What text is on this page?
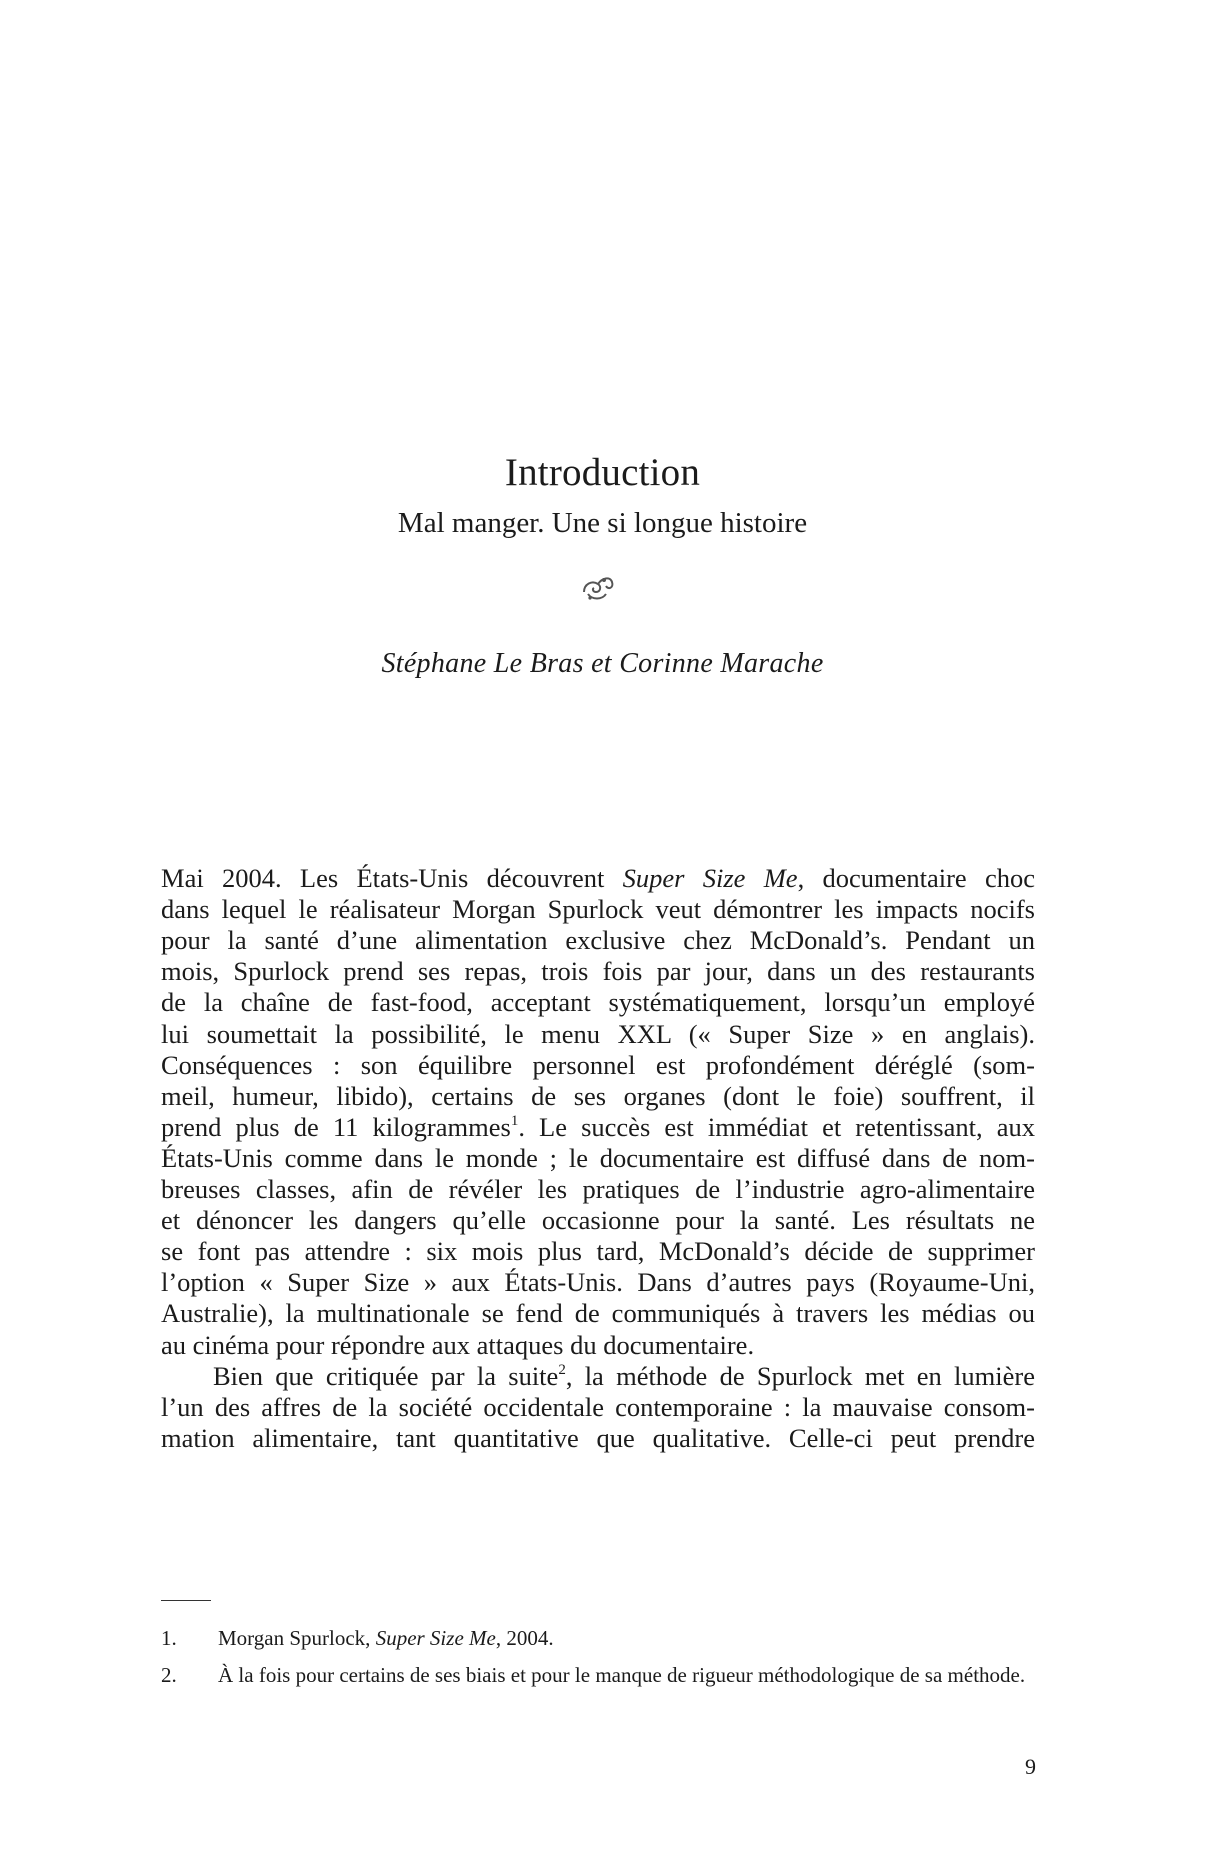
Introduction
Mal manger. Une si longue histoire
Stéphane Le Bras et Corinne Marache
Mai 2004. Les États-Unis découvrent Super Size Me, documentaire choc
dans lequel le réalisateur Morgan Spurlock veut démontrer les impacts nocifs
pour la santé d’une alimentation exclusive chez McDonald’s. Pendant un
mois, Spurlock prend ses repas, trois fois par jour, dans un des restaurants
de la chaîne de fast-food, acceptant systématiquement, lorsqu’un employé
lui soumettait la possibilité, le menu XXL (« Super Size » en anglais).
Conséquences : son équilibre personnel est profondément déréglé (som-
meil, humeur, libido), certains de ses organes (dont le foie) souffrent, il
prend plus de 11 kilogrammes$^1$. Le succès est immédiat et retentissant, aux
États-Unis comme dans le monde ; le documentaire est diffusé dans de nom-
breuses classes, afin de révéler les pratiques de l’industrie agro-alimentaire
et dénoncer les dangers qu’elle occasionne pour la santé. Les résultats ne
se font pas attendre : six mois plus tard, McDonald’s décide de supprimer
l’option « Super Size » aux États-Unis. Dans d’autres pays (Royaume-Uni,
Australie), la multinationale se fend de communiqués à travers les médias ou
au cinéma pour répondre aux attaques du documentaire.
Bien que critiquée par la suite$^2$, la méthode de Spurlock met en lumière
l’un des affres de la société occidentale contemporaine : la mauvaise consom-
mation alimentaire, tant quantitative que qualitative. Celle-ci peut prendre
1. Morgan Spurlock, Super Size Me, 2004.
2. À la fois pour certains de ses biais et pour le manque de rigueur méthodologique de sa méthode.
9
